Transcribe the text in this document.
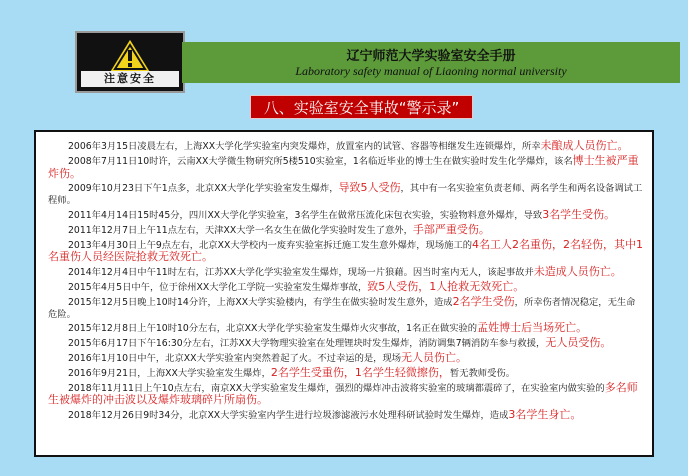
注意安全
辽宁师范大学实验室安全手册
Laboratory safety manual of Liaoning normal university
八、实验室安全事故“警示录”

2006年3月15日凌晨左右，上海XX大学化学实验室内突发爆炸，放置室内的试管、容器等相继发生连锁爆炸，所幸未酿成人员伤亡。

2008年7月11日10时许，云南XX大学微生物研究所5楼510实验室，1名临近毕业的博士生在做实验时发生化学爆炸，该名博士生被严重炸伤。

2009年10月23日下午1点多，北京XX大学化学实验室发生爆炸，导致5人受伤，其中有一名实验室负责老师、两名学生和两名设备调试工程师。

2011年4月14日15时45分，四川XX大学化学实验室，3名学生在做常压流化床包衣实验，实验物料意外爆炸，导致3名学生受伤。

2011年12月7日上午11点左右，天津XX大学一名女生在做化学实验时发生了意外，手部严重受伤。

2013年4月30日上午9点左右，北京XX大学校内一废弃实验室拆迁施工发生意外爆炸，现场施工的4名工人2名重伤，2名轻伤，其中1名重伤人员经医院抢救无效死亡。

2014年12月4日中午11时左右，江苏XX大学化学实验室发生爆炸，现场一片狼藉。因当时室内无人，该起事故并未造成人员伤亡。

2015年4月5日中午，位于徐州XX大学化工学院一实验室发生爆炸事故，致5人受伤，1人抢救无效死亡。

2015年12月5日晚上10时14分许，上海XX大学实验楼内，有学生在做实验时发生意外，造成2名学生受伤，所幸伤者情况稳定，无生命危险。

2015年12月8日上午10时10分左右，北京XX大学化学实验室发生爆炸火灾事故，1名正在做实验的孟姓博士后当场死亡。

2015年6月17日下午16:30分左右，江苏XX大学物理实验室在处理锂块时发生爆炸，消防调集7辆消防车参与救援，无人员受伤。

2016年1月10日中午，北京XX大学实验室内突然着起了火。不过幸运的是，现场无人员伤亡。

2016年9月21日，上海XX大学实验室发生爆炸，2名学生受重伤，1名学生轻微擦伤，暂无教师受伤。

2018年11月11日上午10点左右，南京XX大学实验室发生爆炸，强烈的爆炸冲击波将实验室的玻璃都震碎了，在实验室内做实验的多名师生被爆炸的冲击波以及爆炸玻璃碎片所扇伤。

2018年12月26日9时34分，北京XX大学实验室内学生进行垃圾渗滤液污水处理科研试验时发生爆炸，造成3名学生身亡。
